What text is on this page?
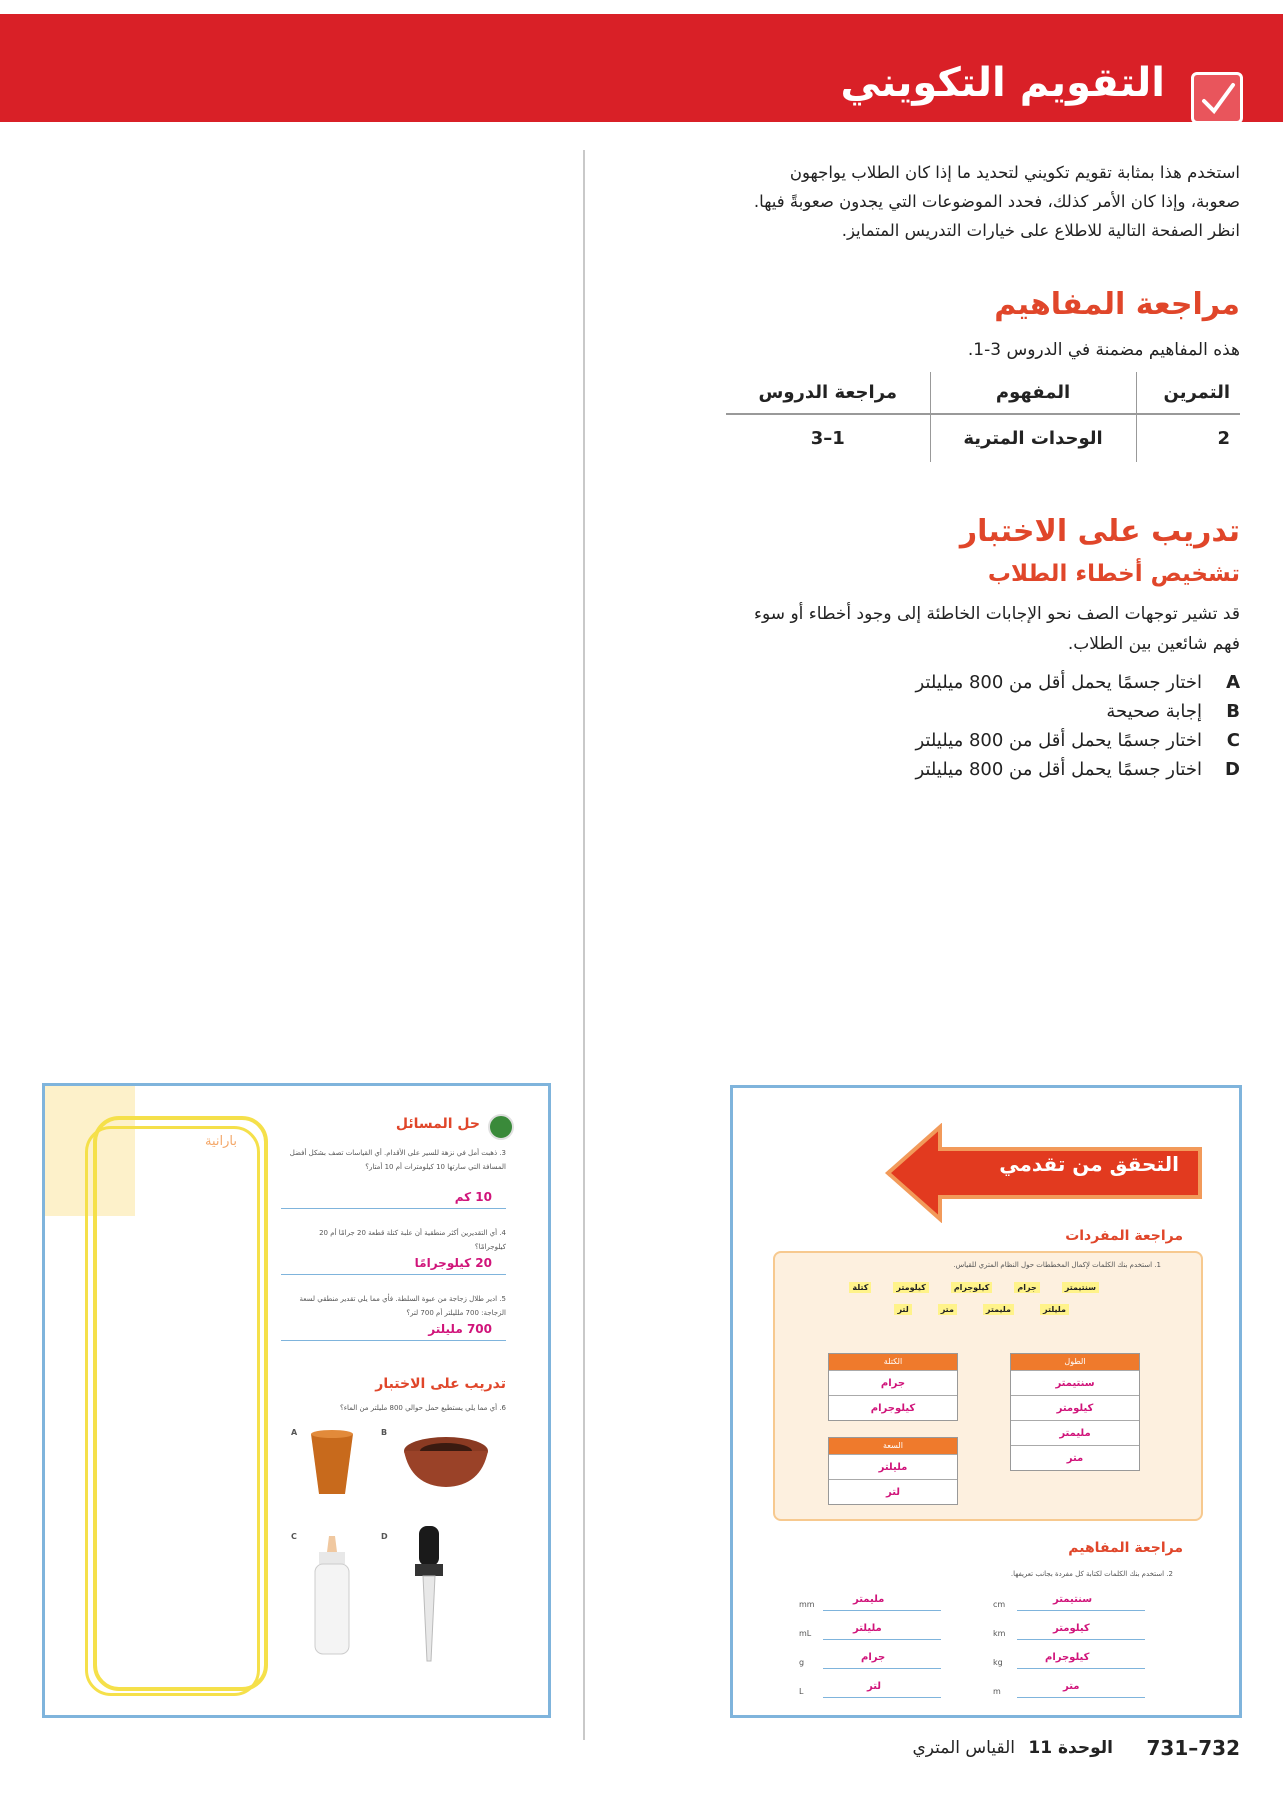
التقويم التكويني
استخدم هذا بمثابة تقويم تكويني لتحديد ما إذا كان الطلاب يواجهون
صعوبة، وإذا كان الأمر كذلك، فحدد الموضوعات التي يجدون صعوبةً فيها.
انظر الصفحة التالية للاطلاع على خيارات التدريس المتمايز.
مراجعة المفاهيم
هذه المفاهيم مضمنة في الدروس 3-1.
التمرين	المفهوم	مراجعة الدروس
2	الوحدات المترية	1–3
تدريب على الاختبار
تشخيص أخطاء الطلاب
قد تشير توجهات الصف نحو الإجابات الخاطئة إلى وجود أخطاء أو سوء
فهم شائعين بين الطلاب.
Aاختار جسمًا يحمل أقل من 800 ميليلتر
Bإجابة صحيحة
Cاختار جسمًا يحمل أقل من 800 ميليلتر
Dاختار جسمًا يحمل أقل من 800 ميليلتر
التحقق من تقدمي
مراجعة المفردات
1. استخدم بنك الكلمات لإكمال المخططات حول النظام المتري للقياس.
سنتيمتر
جرام
كيلوجرام
كيلومتر
كتلة
مليلتر
مليمتر
متر
لتر
الطول
سنتيمتر
كيلومتر
مليمتر
متر
الكتلة
جرام
كيلوجرام
السعة
مليلتر
لتر
مراجعة المفاهيم
2. استخدم بنك الكلمات لكتابة كل مفردة بجانب تعريفها.
cm	سنتيمتر
km	كيلومتر
kg	كيلوجرام
m	متر
mm	مليمتر
mL	مليلتر
g	جرام
L	لتر
بارانية
حل المسائل
3. ذهبت أمل في نزهة للسير على الأقدام. أي القياسات تصف بشكل أفضل المسافة التي سارتها 10 كيلومترات أم 10 أمتار؟
10 كم
4. أي التقديرين أكثر منطقية أن علبة كتلة قطعة 20 جرامًا أم 20 كيلوجرامًا؟
20 كيلوجرامًا
5. ادير طلال زجاجة من عبوة السلطة. فأي مما يلي تقدير منطقي لسعة الزجاجة: 700 ملليلتر أم 700 لتر؟
700 مليلتر
تدريب على الاختبار
6. أي مما يلي يستطيع حمل حوالي 800 مليلتر من الماء؟
A	B
C	D
731–732
الوحدة 11
القياس المتري
